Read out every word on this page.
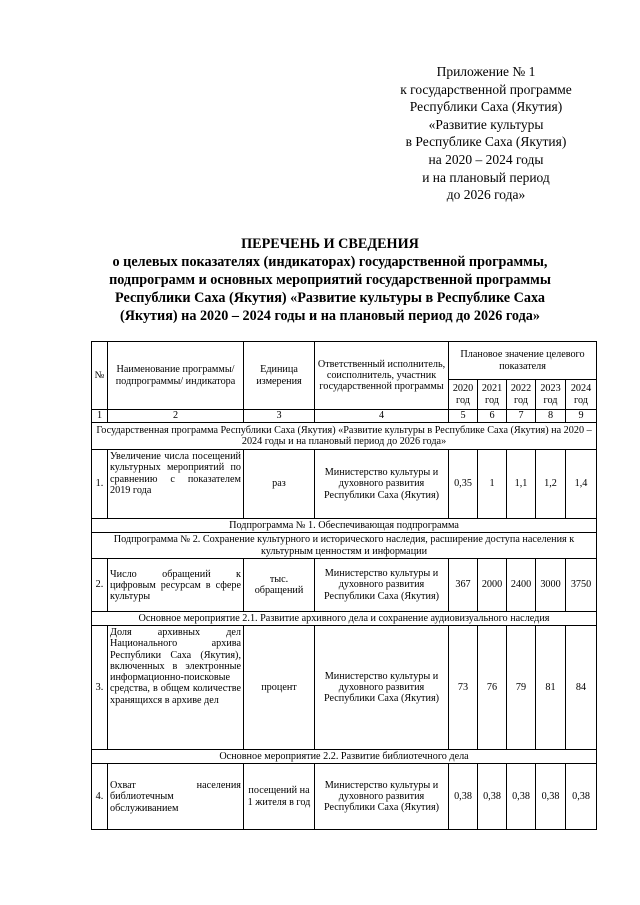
Приложение № 1
к государственной программе
Республики Саха (Якутия)
«Развитие культуры
в Республике Саха (Якутия)
на 2020 – 2024 годы
и на плановый период
до 2026 года»
ПЕРЕЧЕНЬ И СВЕДЕНИЯ
о целевых показателях (индикаторах) государственной программы,
подпрограмм и основных мероприятий государственной программы
Республики Саха (Якутия) «Развитие культуры в Республике Саха
(Якутия) на 2020 – 2024 годы и на плановый период до 2026 года»
№	Наименование программы/ подпрограммы/ индикатора	Единица измерения	Ответственный исполнитель, соисполнитель, участник государственной программы	Плановое значение целевого показателя				
				2020 год	2021 год	2022 год	2023 год	2024 год
1	2	3	4	5	6	7	8	9
Государственная программа Республики Саха (Якутия) «Развитие культуры в Республике Саха (Якутия) на 2020 – 2024 годы и на плановый период до 2026 года»								
1.	Увеличение числа посещений культурных мероприятий по сравнению с показателем 2019 года	раз	Министерство культуры и духовного развития Республики Саха (Якутия)	0,35	1	1,1	1,2	1,4
Подпрограмма № 1. Обеспечивающая подпрограмма								
Подпрограмма № 2. Сохранение культурного и исторического наследия, расширение доступа населения к культурным ценностям и информации								
2.	Число обращений к цифровым ресурсам в сфере культуры	тыс. обращений	Министерство культуры и духовного развития Республики Саха (Якутия)	367	2000	2400	3000	3750
Основное мероприятие 2.1. Развитие архивного дела и сохранение аудиовизуального наследия								
3.	Доля архивных дел Национального архива Республики Саха (Якутия), включенных в электронные информационно-поисковые средства, в общем количестве хранящихся в архиве дел	процент	Министерство культуры и духовного развития Республики Саха (Якутия)	73	76	79	81	84
Основное мероприятие 2.2. Развитие библиотечного дела								
4.	Охват населения библиотечным обслуживанием	посещений на 1 жителя в год	Министерство культуры и духовного развития Республики Саха (Якутия)	0,38	0,38	0,38	0,38	0,38
